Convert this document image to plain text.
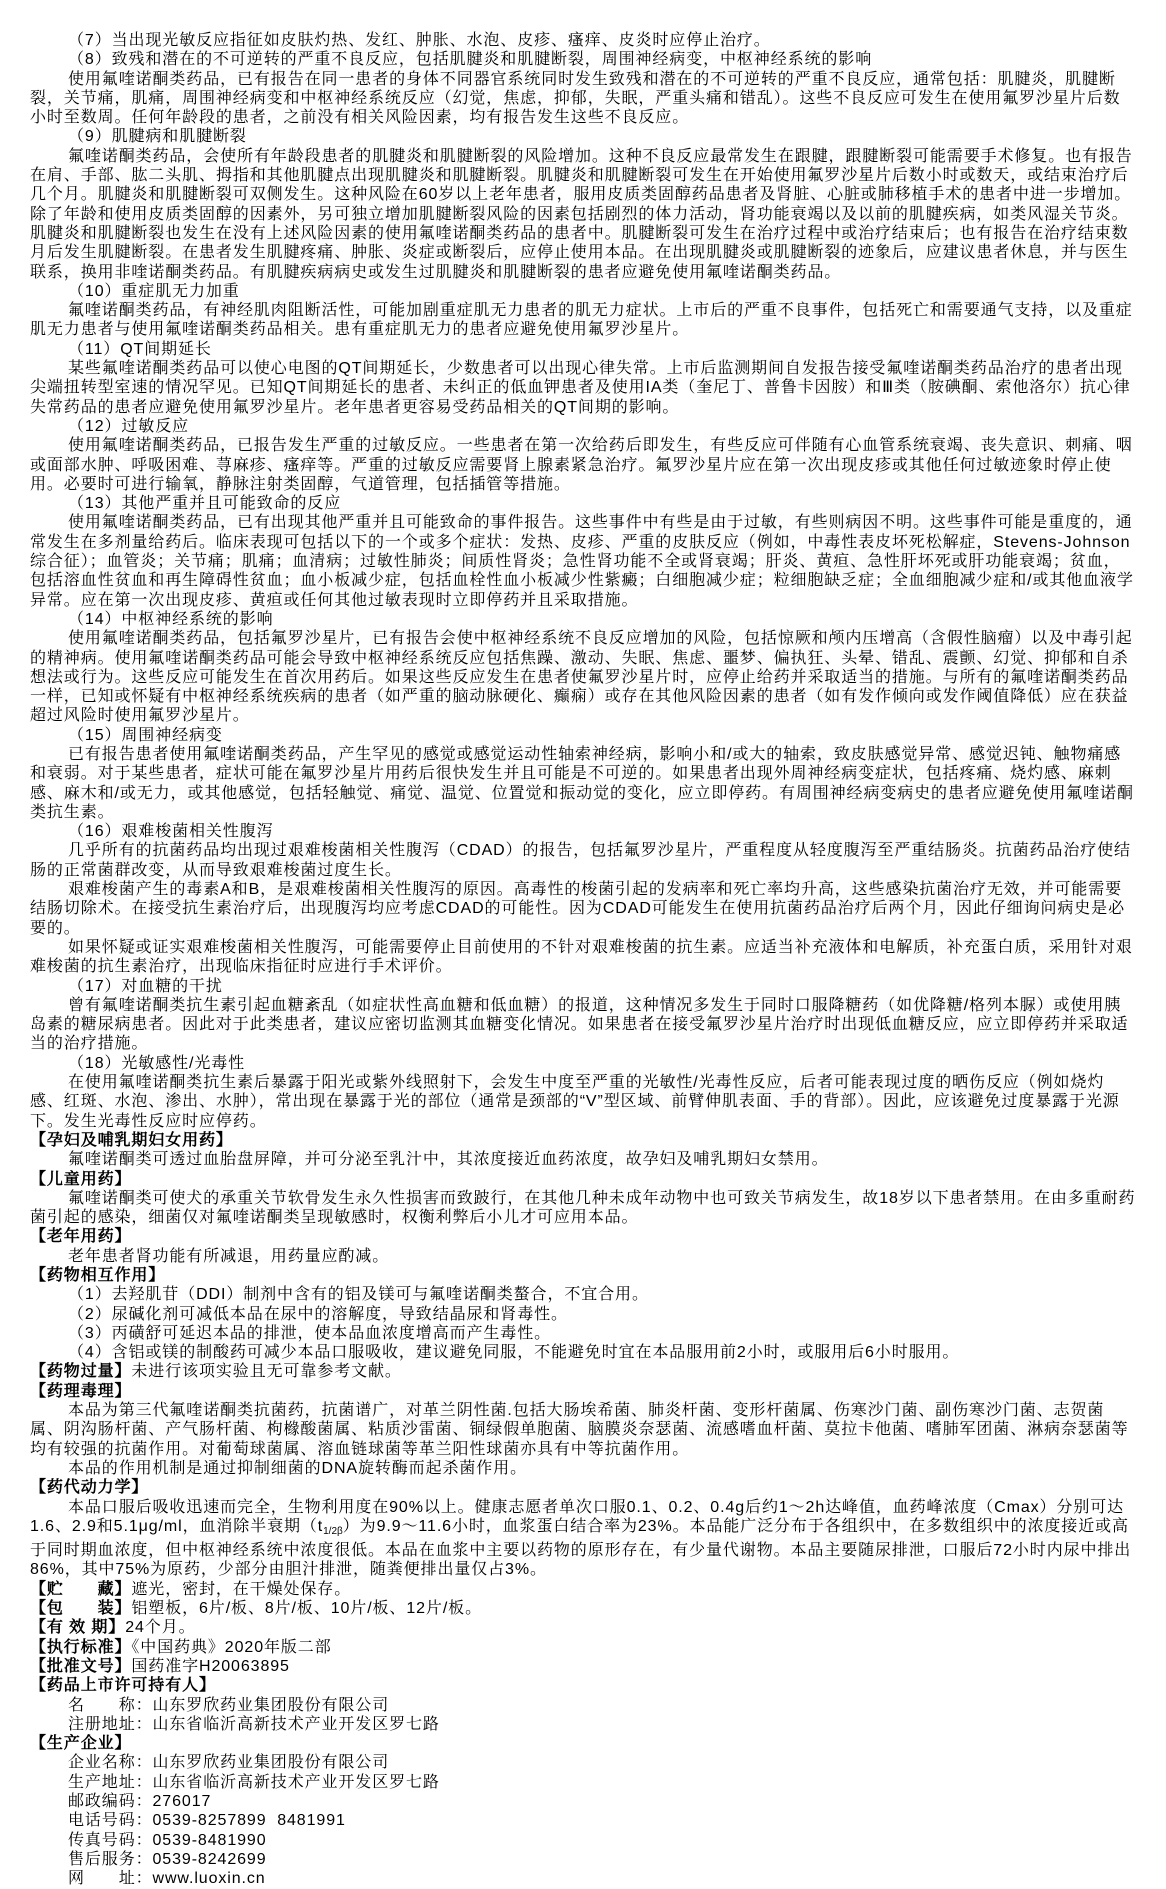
（7）当出现光敏反应指征如皮肤灼热、发红、肿胀、水泡、皮疹、瘙痒、皮炎时应停止治疗。

（8）致残和潜在的不可逆转的严重不良反应，包括肌腱炎和肌腱断裂，周围神经病变，中枢神经系统的影响

使用氟喹诺酮类药品，已有报告在同一患者的身体不同器官系统同时发生致残和潜在的不可逆转的严重不良反应，通常包括：肌腱炎，肌腱断裂，关节痛，肌痛，周围神经病变和中枢神经系统反应（幻觉，焦虑，抑郁，失眠，严重头痛和错乱）。这些不良反应可发生在使用氟罗沙星片后数小时至数周。任何年龄段的患者，之前没有相关风险因素，均有报告发生这些不良反应。

（9）肌腱病和肌腱断裂

氟喹诺酮类药品，会使所有年龄段患者的肌腱炎和肌腱断裂的风险增加。这种不良反应最常发生在跟腱，跟腱断裂可能需要手术修复。也有报告在肩、手部、肱二头肌、拇指和其他肌腱点出现肌腱炎和肌腱断裂。肌腱炎和肌腱断裂可发生在开始使用氟罗沙星片后数小时或数天，或结束治疗后几个月。肌腱炎和肌腱断裂可双侧发生。这种风险在60岁以上老年患者，服用皮质类固醇药品患者及肾脏、心脏或肺移植手术的患者中进一步增加。除了年龄和使用皮质类固醇的因素外，另可独立增加肌腱断裂风险的因素包括剧烈的体力活动，肾功能衰竭以及以前的肌腱疾病，如类风湿关节炎。肌腱炎和肌腱断裂也发生在没有上述风险因素的使用氟喹诺酮类药品的患者中。肌腱断裂可发生在治疗过程中或治疗结束后；也有报告在治疗结束数月后发生肌腱断裂。在患者发生肌腱疼痛、肿胀、炎症或断裂后，应停止使用本品。在出现肌腱炎或肌腱断裂的迹象后，应建议患者休息，并与医生联系，换用非喹诺酮类药品。有肌腱疾病病史或发生过肌腱炎和肌腱断裂的患者应避免使用氟喹诺酮类药品。

（10）重症肌无力加重

氟喹诺酮类药品，有神经肌肉阻断活性，可能加剧重症肌无力患者的肌无力症状。上市后的严重不良事件，包括死亡和需要通气支持，以及重症肌无力患者与使用氟喹诺酮类药品相关。患有重症肌无力的患者应避免使用氟罗沙星片。

（11）QT间期延长

某些氟喹诺酮类药品可以使心电图的QT间期延长，少数患者可以出现心律失常。上市后监测期间自发报告接受氟喹诺酮类药品治疗的患者出现尖端扭转型室速的情况罕见。已知QT间期延长的患者、未纠正的低血钾患者及使用IA类（奎尼丁、普鲁卡因胺）和Ⅲ类（胺碘酮、索他洛尔）抗心律失常药品的患者应避免使用氟罗沙星片。老年患者更容易受药品相关的QT间期的影响。

（12）过敏反应

使用氟喹诺酮类药品，已报告发生严重的过敏反应。一些患者在第一次给药后即发生，有些反应可伴随有心血管系统衰竭、丧失意识、刺痛、咽或面部水肿、呼吸困难、荨麻疹、瘙痒等。严重的过敏反应需要肾上腺素紧急治疗。氟罗沙星片应在第一次出现皮疹或其他任何过敏迹象时停止使用。必要时可进行输氧，静脉注射类固醇，气道管理，包括插管等措施。

（13）其他严重并且可能致命的反应

使用氟喹诺酮类药品，已有出现其他严重并且可能致命的事件报告。这些事件中有些是由于过敏，有些则病因不明。这些事件可能是重度的，通常发生在多剂量给药后。临床表现可包括以下的一个或多个症状：发热、皮疹、严重的皮肤反应（例如，中毒性表皮坏死松解症，Stevens-Johnson综合征）；血管炎；关节痛；肌痛；血清病；过敏性肺炎；间质性肾炎；急性肾功能不全或肾衰竭；肝炎、黄疸、急性肝坏死或肝功能衰竭；贫血，包括溶血性贫血和再生障碍性贫血；血小板减少症，包括血栓性血小板减少性紫癜；白细胞减少症；粒细胞缺乏症；全血细胞减少症和/或其他血液学异常。应在第一次出现皮疹、黄疸或任何其他过敏表现时立即停药并且采取措施。

（14）中枢神经系统的影响

使用氟喹诺酮类药品，包括氟罗沙星片，已有报告会使中枢神经系统不良反应增加的风险，包括惊厥和颅内压增高（含假性脑瘤）以及中毒引起的精神病。使用氟喹诺酮类药品可能会导致中枢神经系统反应包括焦躁、激动、失眠、焦虑、噩梦、偏执狂、头晕、错乱、震颤、幻觉、抑郁和自杀想法或行为。这些反应可能发生在首次用药后。如果这些反应发生在患者使氟罗沙星片时，应停止给药并采取适当的措施。与所有的氟喹诺酮类药品一样，已知或怀疑有中枢神经系统疾病的患者（如严重的脑动脉硬化、癫痫）或存在其他风险因素的患者（如有发作倾向或发作阈值降低）应在获益超过风险时使用氟罗沙星片。

（15）周围神经病变

已有报告患者使用氟喹诺酮类药品，产生罕见的感觉或感觉运动性轴索神经病，影响小和/或大的轴索，致皮肤感觉异常、感觉迟钝、触物痛感和衰弱。对于某些患者，症状可能在氟罗沙星片用药后很快发生并且可能是不可逆的。如果患者出现外周神经病变症状，包括疼痛、烧灼感、麻刺感、麻木和/或无力，或其他感觉，包括轻触觉、痛觉、温觉、位置觉和振动觉的变化，应立即停药。有周围神经病变病史的患者应避免使用氟喹诺酮类抗生素。

（16）艰难梭菌相关性腹泻

几乎所有的抗菌药品均出现过艰难梭菌相关性腹泻（CDAD）的报告，包括氟罗沙星片，严重程度从轻度腹泻至严重结肠炎。抗菌药品治疗使结肠的正常菌群改变，从而导致艰难梭菌过度生长。

艰难梭菌产生的毒素A和B，是艰难梭菌相关性腹泻的原因。高毒性的梭菌引起的发病率和死亡率均升高，这些感染抗菌治疗无效，并可能需要结肠切除术。在接受抗生素治疗后，出现腹泻均应考虑CDAD的可能性。因为CDAD可能发生在使用抗菌药品治疗后两个月，因此仔细询问病史是必要的。

如果怀疑或证实艰难梭菌相关性腹泻，可能需要停止目前使用的不针对艰难梭菌的抗生素。应适当补充液体和电解质，补充蛋白质，采用针对艰难梭菌的抗生素治疗，出现临床指征时应进行手术评价。

（17）对血糖的干扰

曾有氟喹诺酮类抗生素引起血糖紊乱（如症状性高血糖和低血糖）的报道，这种情况多发生于同时口服降糖药（如优降糖/格列本脲）或使用胰岛素的糖尿病患者。因此对于此类患者，建议应密切监测其血糖变化情况。如果患者在接受氟罗沙星片治疗时出现低血糖反应，应立即停药并采取适当的治疗措施。

（18）光敏感性/光毒性

在使用氟喹诺酮类抗生素后暴露于阳光或紫外线照射下，会发生中度至严重的光敏性/光毒性反应，后者可能表现过度的晒伤反应（例如烧灼感、红斑、水泡、渗出、水肿），常出现在暴露于光的部位（通常是颈部的“V”型区域、前臂伸肌表面、手的背部）。因此，应该避免过度暴露于光源下。发生光毒性反应时应停药。

【孕妇及哺乳期妇女用药】

氟喹诺酮类可透过血胎盘屏障，并可分泌至乳汁中，其浓度接近血药浓度，故孕妇及哺乳期妇女禁用。

【儿童用药】

氟喹诺酮类可使犬的承重关节软骨发生永久性损害而致跛行，在其他几种未成年动物中也可致关节病发生，故18岁以下患者禁用。在由多重耐药菌引起的感染，细菌仅对氟喹诺酮类呈现敏感时，权衡利弊后小儿才可应用本品。

【老年用药】

老年患者肾功能有所减退，用药量应酌减。

【药物相互作用】

（1）去羟肌苷（DDI）制剂中含有的铝及镁可与氟喹诺酮类螯合，不宜合用。

（2）尿碱化剂可减低本品在尿中的溶解度，导致结晶尿和肾毒性。

（3）丙磺舒可延迟本品的排泄，使本品血浓度增高而产生毒性。

（4）含铝或镁的制酸药可减少本品口服吸收，建议避免同服，不能避免时宜在本品服用前2小时，或服用后6小时服用。

【药物过量】未进行该项实验且无可靠参考文献。

【药理毒理】

本品为第三代氟喹诺酮类抗菌药，抗菌谱广，对革兰阴性菌.包括大肠埃希菌、肺炎杆菌、变形杆菌属、伤寒沙门菌、副伤寒沙门菌、志贺菌属、阴沟肠杆菌、产气肠杆菌、枸橼酸菌属、粘质沙雷菌、铜绿假单胞菌、脑膜炎奈瑟菌、流感嗜血杆菌、莫拉卡他菌、嗜肺军团菌、淋病奈瑟菌等均有较强的抗菌作用。对葡萄球菌属、溶血链球菌等革兰阳性球菌亦具有中等抗菌作用。

本品的作用机制是通过抑制细菌的DNA旋转酶而起杀菌作用。

【药代动力学】

本品口服后吸收迅速而完全，生物利用度在90%以上。健康志愿者单次口服0.1、0.2、0.4g后约1～2h达峰值，血药峰浓度（Cmax）分别可达1.6、2.9和5.1μg/ml，血消除半衰期$(t_{1/2\beta})$为9.9～11.6小时，血浆蛋白结合率为23%。本品能广泛分布于各组织中，在多数组织中的浓度接近或高于同时期血浓度，但中枢神经系统中浓度很低。本品在血浆中主要以药物的原形存在，有少量代谢物。本品主要随尿排泄，口服后72小时内尿中排出86%，其中75%为原药，少部分由胆汁排泄，随粪便排出量仅占3%。

【贮　　藏】遮光，密封，在干燥处保存。

【包　　装】铝塑板，6片/板、8片/板、10片/板、12片/板。

【有 效 期】24个月。

【执行标准】《中国药典》2020年版二部

【批准文号】国药准字H20063895

【药品上市许可持有人】

名　　称：山东罗欣药业集团股份有限公司

注册地址：山东省临沂高新技术产业开发区罗七路

【生产企业】

企业名称：山东罗欣药业集团股份有限公司

生产地址：山东省临沂高新技术产业开发区罗七路

邮政编码：276017

电话号码：0539-8257899  8481991

传真号码：0539-8481990

售后服务：0539-8242699

网　　址：www.luoxin.cn
